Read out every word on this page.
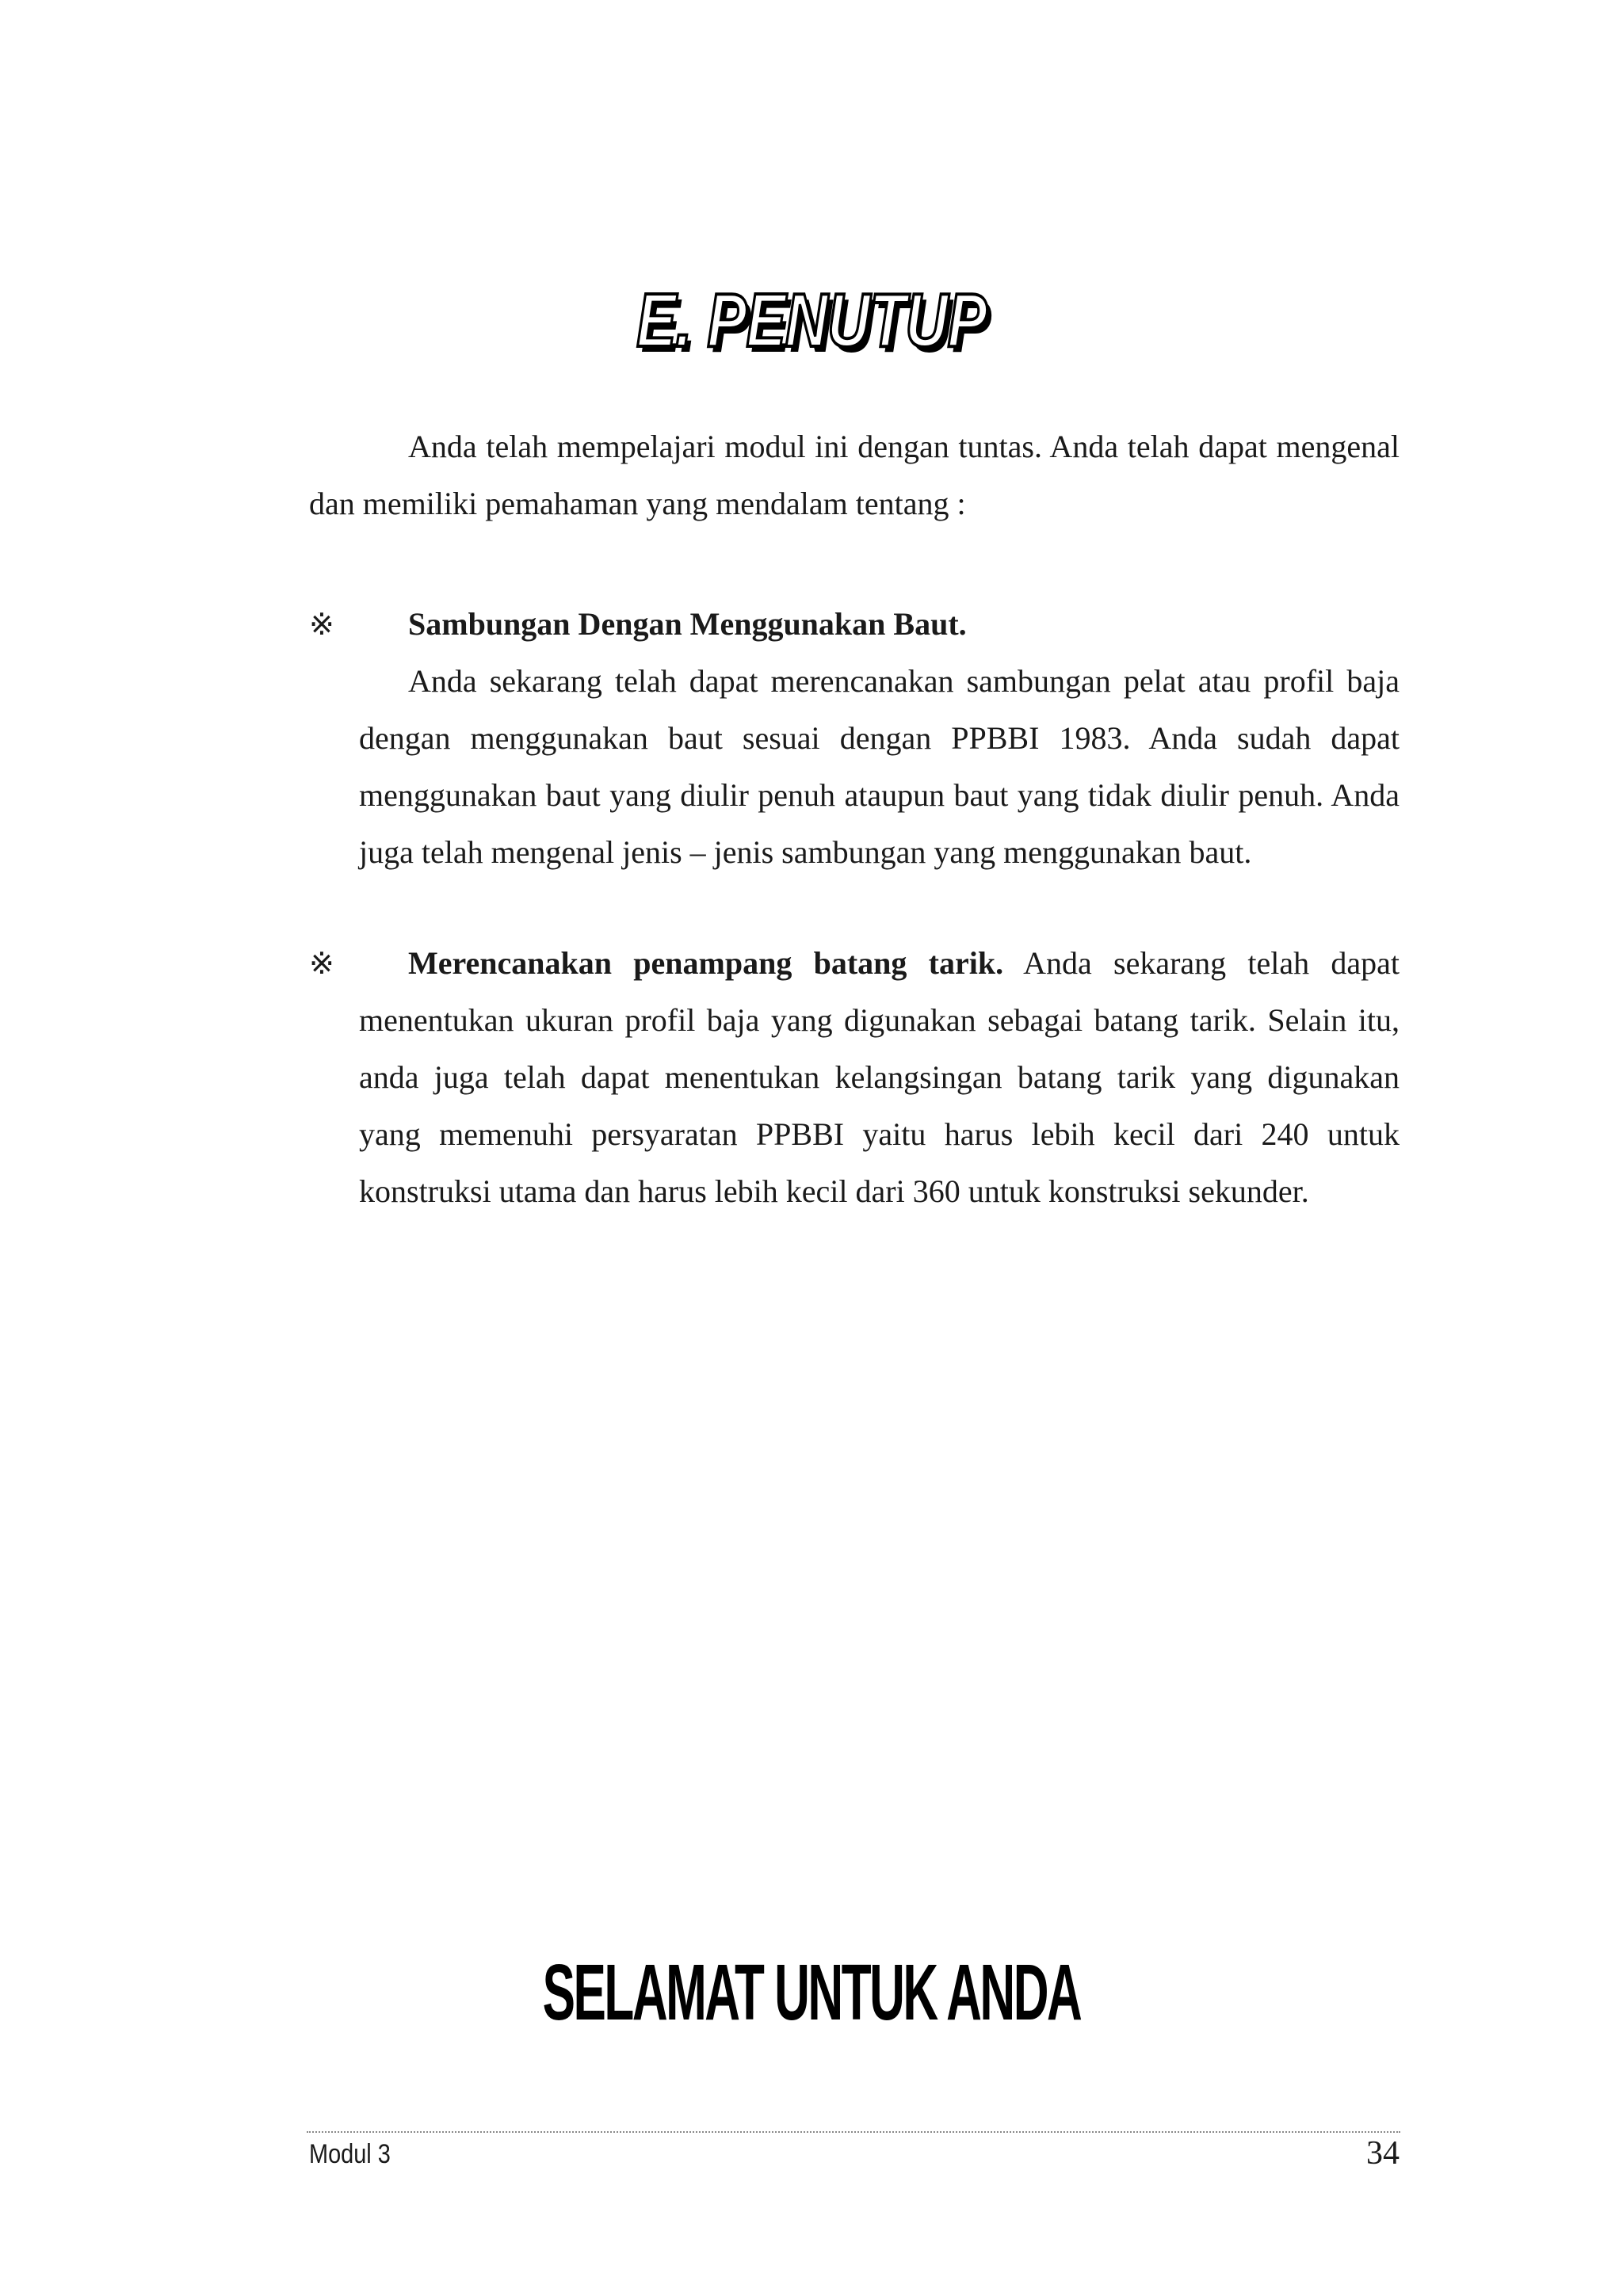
E. PENUTUP

Anda telah mempelajari modul ini dengan tuntas. Anda telah dapat mengenal dan memiliki pemahaman yang mendalam tentang :

※ Sambungan Dengan Menggunakan Baut.

Anda sekarang telah dapat merencanakan sambungan pelat atau profil baja dengan menggunakan baut sesuai dengan PPBBI 1983. Anda sudah dapat menggunakan baut yang diulir penuh ataupun baut yang tidak diulir penuh. Anda juga telah mengenal jenis – jenis sambungan yang menggunakan baut.

※	Merencanakan penampang batang tarik. Anda sekarang telah dapat menentukan ukuran profil baja yang digunakan sebagai batang tarik. Selain itu, anda juga telah dapat menentukan kelangsingan batang tarik yang digunakan yang memenuhi persyaratan PPBBI yaitu harus lebih kecil dari 240 untuk konstruksi utama dan harus lebih kecil dari 360 untuk konstruksi sekunder.

SELAMAT UNTUK ANDA
Modul 3	34
